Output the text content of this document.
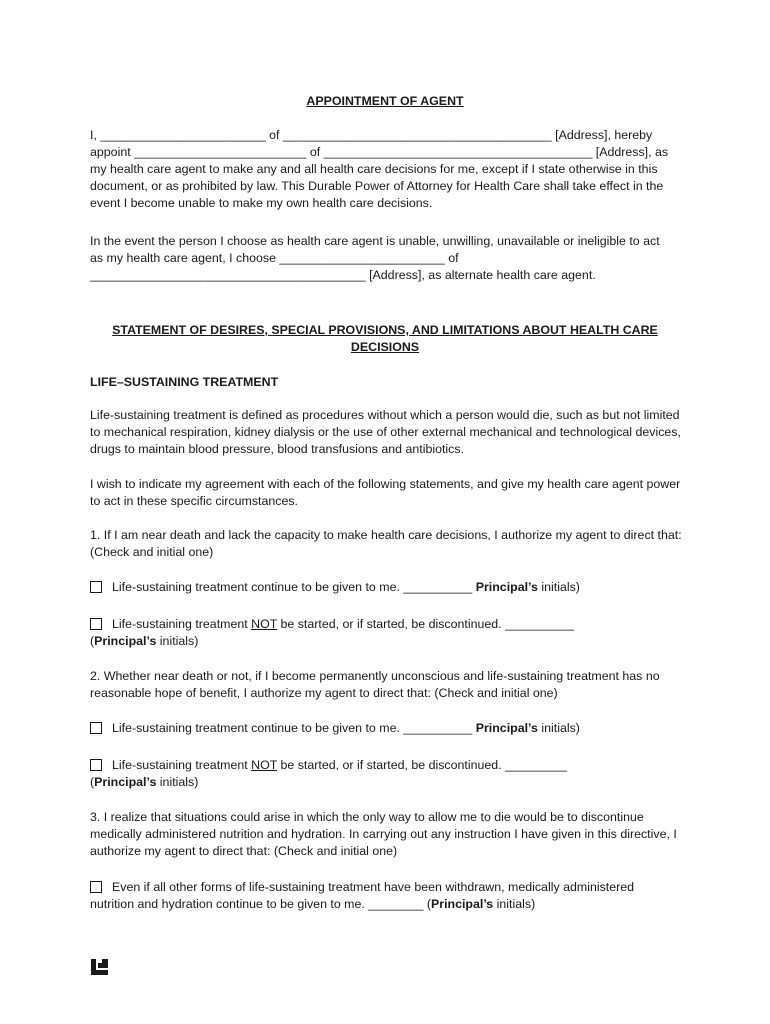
APPOINTMENT OF AGENT

I, ________________________ of _______________________________________ [Address], hereby
appoint _________________________ of _______________________________________ [Address], as
my health care agent to make any and all health care decisions for me, except if I state otherwise in this document, or as prohibited by law. This Durable Power of Attorney for Health Care shall take effect in the event I become unable to make my own health care decisions.
In the event the person I choose as health care agent is unable, unwilling, unavailable or ineligible to act
as my health care agent, I choose ________________________ of
________________________________________ [Address], as alternate health care agent.
STATEMENT OF DESIRES, SPECIAL PROVISIONS, AND LIMITATIONS ABOUT HEALTH CARE
DECISIONS

LIFE–SUSTAINING TREATMENT

Life-sustaining treatment is defined as procedures without which a person would die, such as but not limited to mechanical respiration, kidney dialysis or the use of other external mechanical and technological devices, drugs to maintain blood pressure, blood transfusions and antibiotics.

I wish to indicate my agreement with each of the following statements, and give my health care agent power to act in these specific circumstances.

1. If I am near death and lack the capacity to make health care decisions, I authorize my agent to direct that: (Check and initial one)

Life-sustaining treatment continue to be given to me. __________ Principal’s initials)
Life-sustaining treatment NOT be started, or if started, be discontinued. __________
(Principal’s initials)

2. Whether near death or not, if I become permanently unconscious and life-sustaining treatment has no reasonable hope of benefit, I authorize my agent to direct that: (Check and initial one)

Life-sustaining treatment continue to be given to me. __________ Principal’s initials)
Life-sustaining treatment NOT be started, or if started, be discontinued. _________
(Principal’s initials)

3. I realize that situations could arise in which the only way to allow me to die would be to discontinue medically administered nutrition and hydration. In carrying out any instruction I have given in this directive, I authorize my agent to direct that: (Check and initial one)

Even if all other forms of life-sustaining treatment have been withdrawn, medically administered
nutrition and hydration continue to be given to me. ________ (Principal’s initials)
